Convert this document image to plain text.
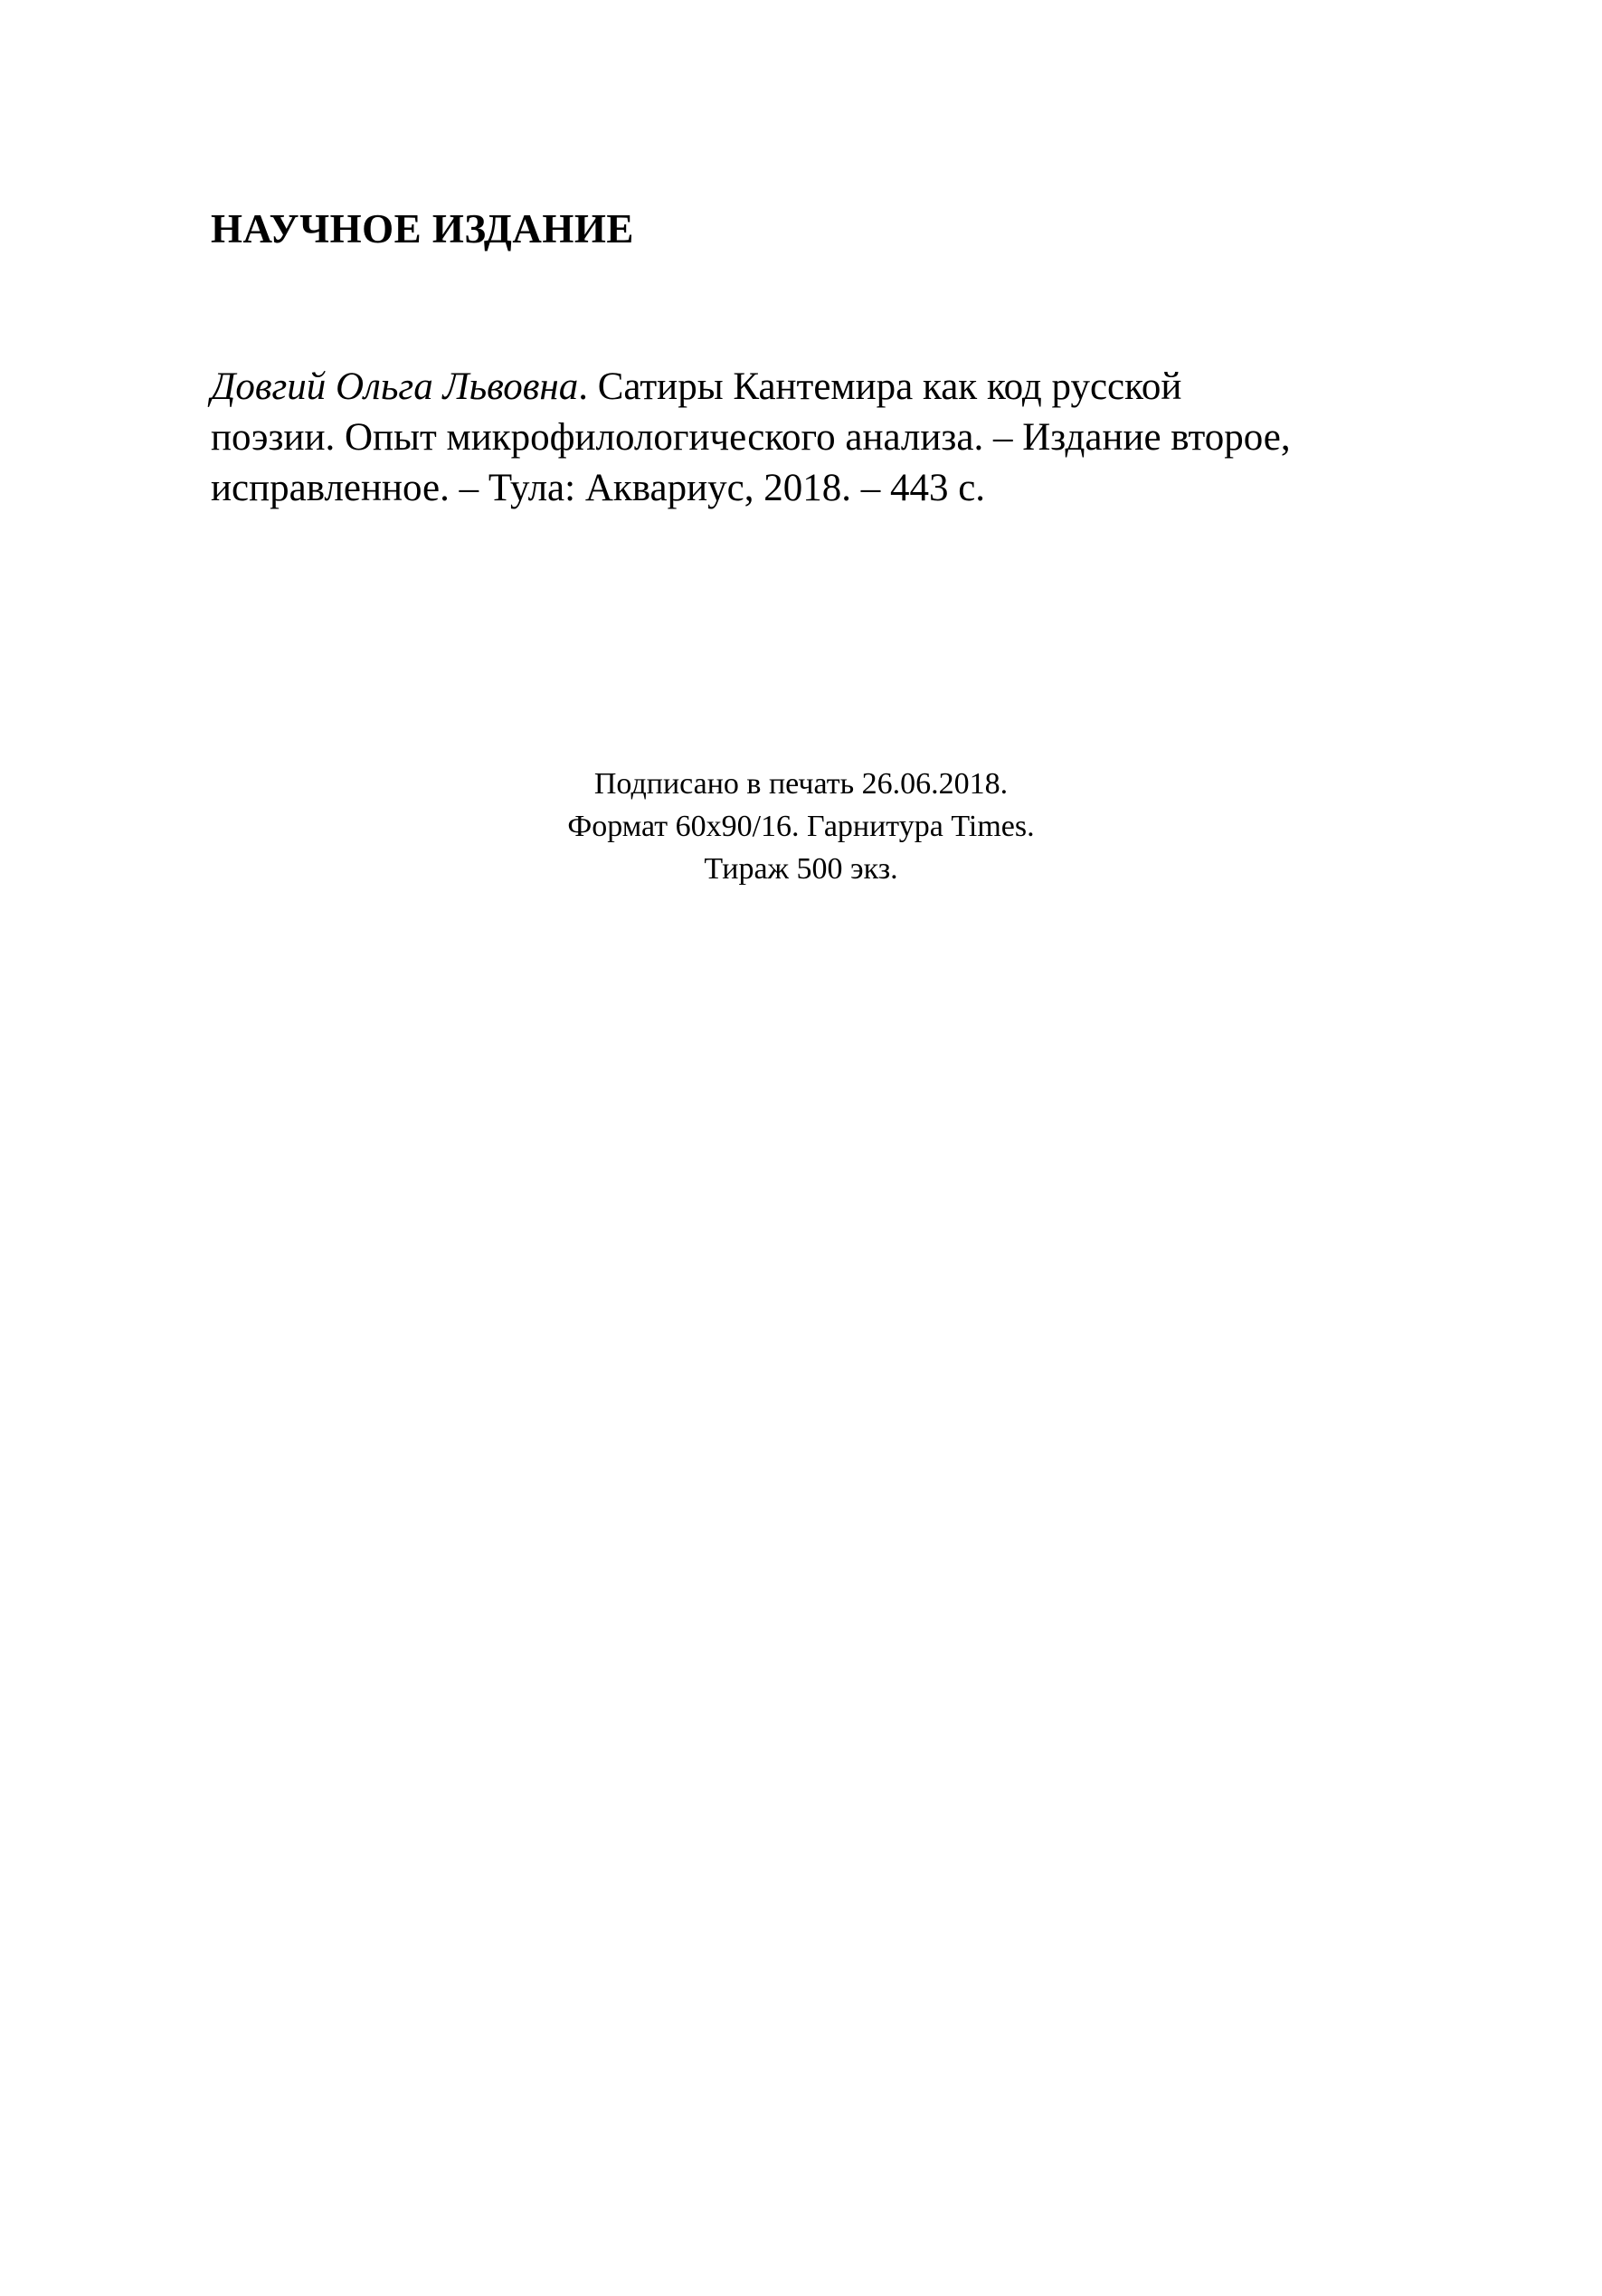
НАУЧНОЕ ИЗДАНИЕ

Довгий Ольга Львовна. Сатиры Кантемира как код русской
поэзии. Опыт микрофилологического анализа. – Издание второе,
исправленное. – Тула: Аквариус, 2018. – 443 с.

Подписано в печать 26.06.2018.
Формат 60х90/16. Гарнитура Times.
Тираж 500 экз.
